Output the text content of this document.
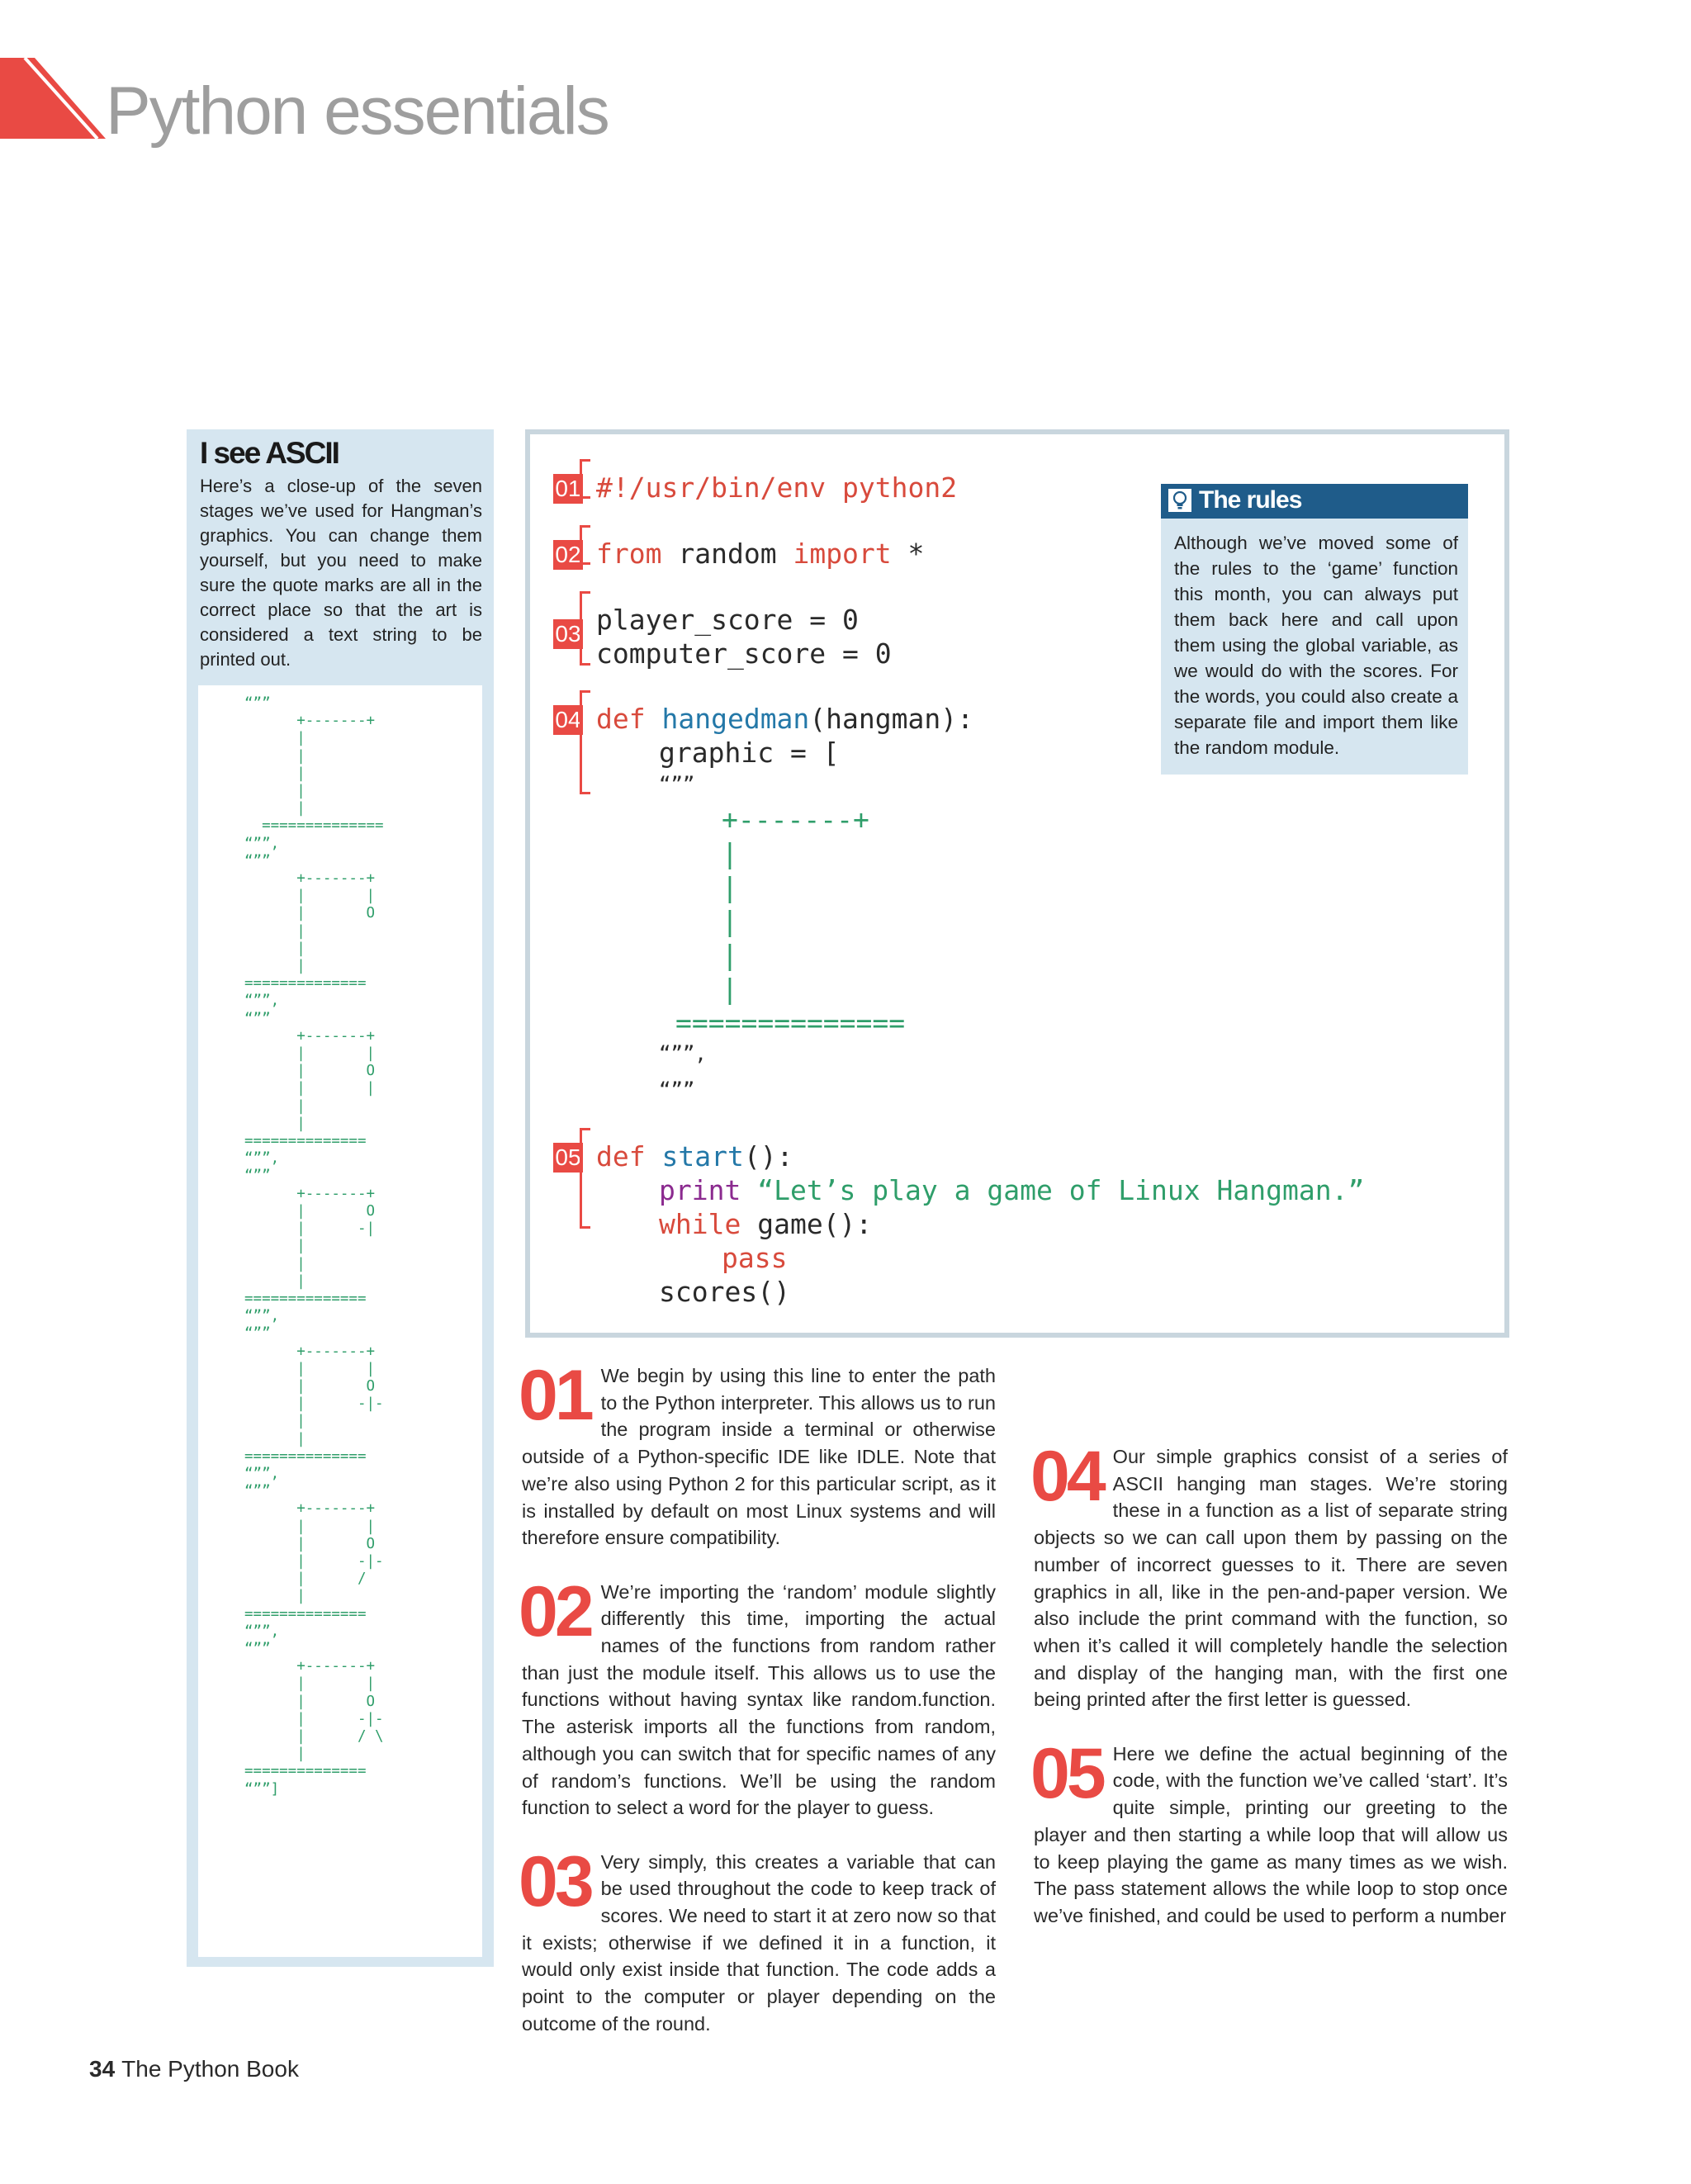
Python essentials
I see ASCII
Here’s a close-up of the seven stages we’ve used for Hangman’s graphics. You can change them yourself, but you need to make sure the quote marks are all in the correct place so that the art is considered a text string to be printed out.
“””
+-------+
|
|
|
|
|
==============
“””,
“””
+-------+
|       |
|       O
|
|
|
==============
“””,
“””
+-------+
|       |
|       O
|       |
|
|
==============
“””,
“””
+-------+
|       O
|      -|
|
|
|
==============
“””,
“””
+-------+
|       |
|       O
|      -|-
|
|
==============
“””,
“””
+-------+
|       |
|       O
|      -|-
|      /
|
==============
“””,
“””
+-------+
|       |
|       O
|      -|-
|      / \
|
==============
“””]
01 #!/usr/bin/env python2
02 from random import *
03 player_score = 0
computer_score = 0
04 def hangedman(hangman):
graphic = [
“””
+-------+
|
|
|
|
|
==============
“””,
“””
05 def start():
print “Let’s play a game of Linux Hangman.”
while game():
pass
scores()
The rules
Although we’ve moved some of the rules to the ‘game’ function this month, you can always put them back here and call upon them using the global variable, as we would do with the scores. For the words, you could also create a separate file and import them like the random module.

01 We begin by using this line to enter the path to the Python interpreter. This allows us to run the program inside a terminal or otherwise outside of a Python-specific IDE like IDLE. Note that we’re also using Python 2 for this particular script, as it is installed by default on most Linux systems and will therefore ensure compatibility.

02 We’re importing the ‘random’ module slightly differently this time, importing the actual names of the functions from random rather than just the module itself. This allows us to use the functions without having syntax like random.function. The asterisk imports all the functions from random, although you can switch that for specific names of any of random’s functions. We’ll be using the random function to select a word for the player to guess.

03 Very simply, this creates a variable that can be used throughout the code to keep track of scores. We need to start it at zero now so that it exists; otherwise if we defined it in a function, it would only exist inside that function. The code adds a point to the computer or player depending on the outcome of the round.

04 Our simple graphics consist of a series of ASCII hanging man stages. We’re storing these in a function as a list of separate string objects so we can call upon them by passing on the number of incorrect guesses to it. There are seven graphics in all, like in the pen-and-paper version. We also include the print command with the function, so when it’s called it will completely handle the selection and display of the hanging man, with the first one being printed after the first letter is guessed.

05 Here we define the actual beginning of the code, with the function we’ve called ‘start’. It’s quite simple, printing our greeting to the player and then starting a while loop that will allow us to keep playing the game as many times as we wish. The pass statement allows the while loop to stop once we’ve finished, and could be used to perform a number

34 The Python Book
